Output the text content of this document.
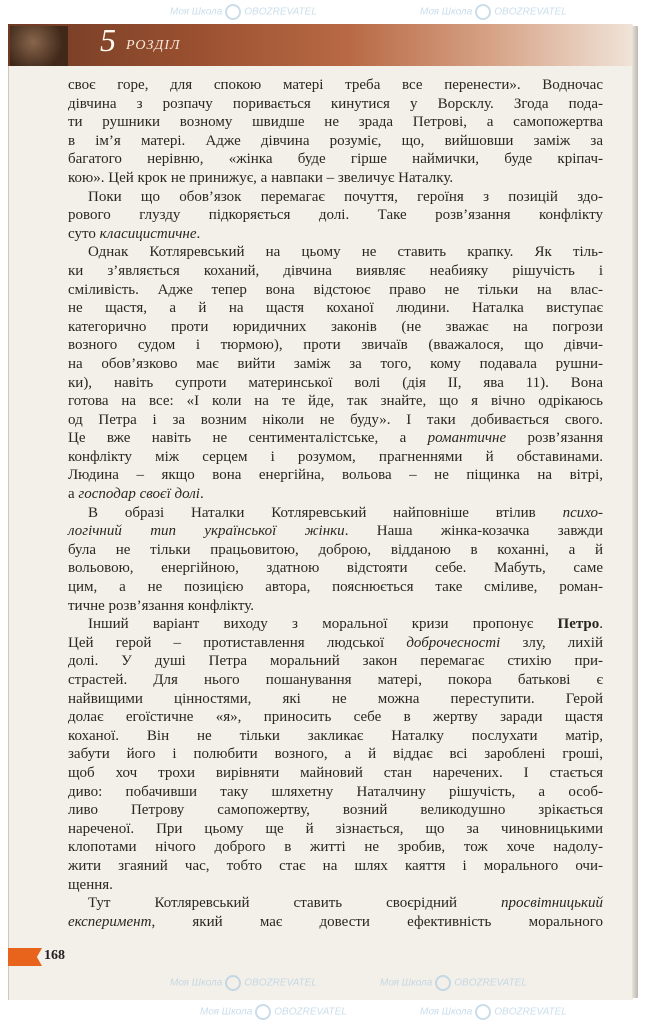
5 РОЗДІЛ
своє горе, для спокою матері треба все перенести». Водночас
дівчина з розпачу поривається кинутися у Ворсклу. Згода пода-
ти рушники возному швидше не зрада Петрові, а самопожертва
в ім’я матері. Адже дівчина розуміє, що, вийшовши заміж за
багатого нерівню, «жінка буде гірше наймички, буде кріпач-
кою». Цей крок не принижує, а навпаки – звеличує Наталку.
Поки що обов’язок перемагає почуття, героїня з позицій здо-
рового глузду підкоряється долі. Таке розв’язання конфлікту
суто класицистичне.
Однак Котляревський на цьому не ставить крапку. Як тіль-
ки з’являється коханий, дівчина виявляє неабияку рішучість і
сміливість. Адже тепер вона відстоює право не тільки на влас-
не щастя, а й на щастя коханої людини. Наталка виступає
категорично проти юридичних законів (не зважає на погрози
возного судом і тюрмою), проти звичаїв (вважалося, що дівчи-
на обов’язково має вийти заміж за того, кому подавала рушни-
ки), навіть супроти материнської волі (дія II, ява 11). Вона
готова на все: «І коли на те йде, так знайте, що я вічно одрікаюсь
од Петра і за возним ніколи не буду». І таки добивається свого.
Це вже навіть не сентименталістське, а романтичне розв’язання
конфлікту між серцем і розумом, прагненнями й обставинами.
Людина – якщо вона енергійна, вольова – не піщинка на вітрі,
а господар своєї долі.
В образі Наталки Котляревський найповніше втілив психо-
логічний тип української жінки. Наша жінка-козачка завжди
була не тільки працьовитою, доброю, відданою в коханні, а й
вольовою, енергійною, здатною відстояти себе. Мабуть, саме
цим, а не позицією автора, пояснюється таке сміливе, роман-
тичне розв’язання конфлікту.
Інший варіант виходу з моральної кризи пропонує Петро.
Цей герой – протиставлення людської доброчесності злу, лихій
долі. У душі Петра моральний закон перемагає стихію при-
страстей. Для нього пошанування матері, покора батькові є
найвищими цінностями, які не можна переступити. Герой
долає егоїстичне «я», приносить себе в жертву заради щастя
коханої. Він не тільки закликає Наталку послухати матір,
забути його і полюбити возного, а й віддає всі зароблені гроші,
щоб хоч трохи вирівняти майновий стан наречених. І стається
диво: побачивши таку шляхетну Наталчину рішучість, а особ-
ливо Петрову самопожертву, возний великодушно зрікається
нареченої. При цьому ще й зізнається, що за чиновницькими
клопотами нічого доброго в житті не зробив, тож хоче надолу-
жити згаяний час, тобто стає на шлях каяття і морального очи-
щення.
Тут Котляревський ставить своєрідний просвітницький
експеримент, який має довести ефективність морального
168
Моя Школа OBOZREVATEL	Моя Школа OBOZREVATEL
Моя Школа OBOZREVATEL	Моя Школа OBOZREVATEL
Моя Школа OBOZREVATEL	Моя Школа OBOZREVATEL
